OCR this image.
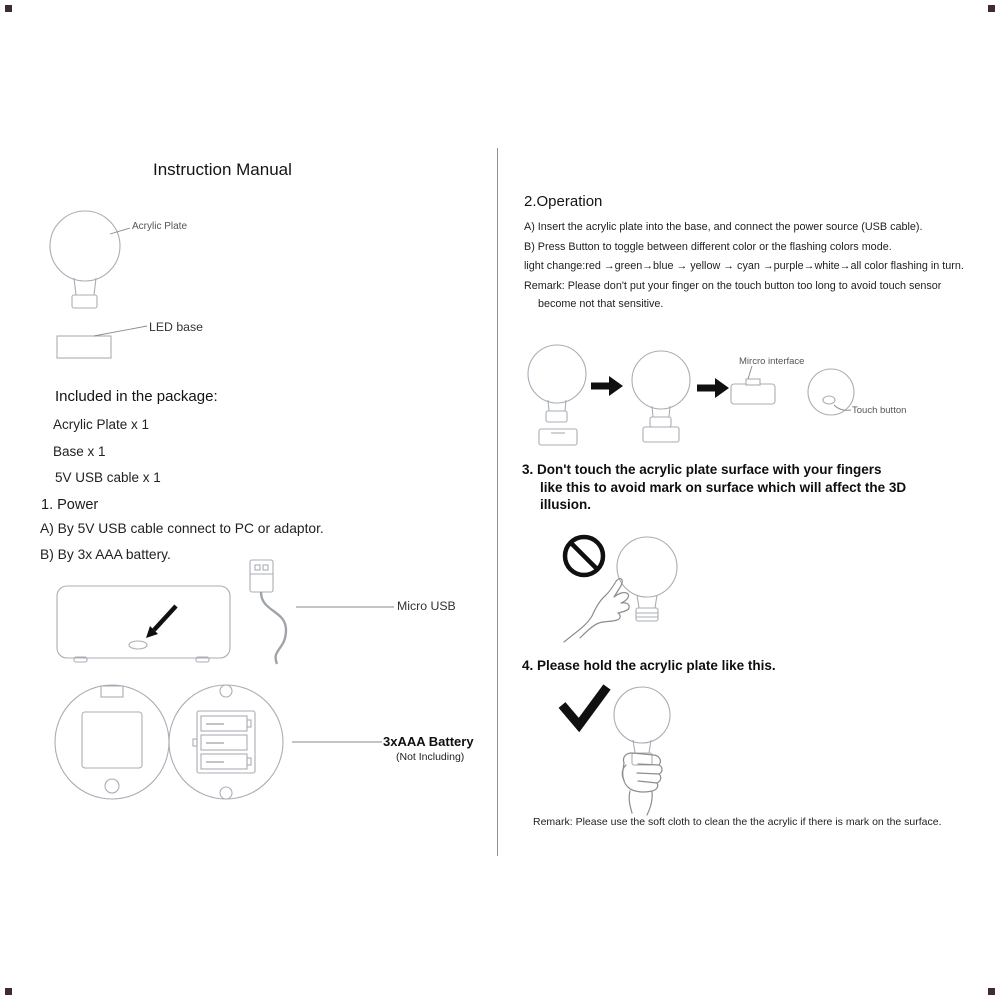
Instruction Manual
Acrylic Plate
LED base
Included in the package:
Acrylic Plate x 1
Base x 1
5V USB cable x 1
1. Power
A) By 5V USB cable connect to PC or adaptor.
B) By 3x AAA battery.
Micro USB
3xAAA Battery
(Not Including)
2.Operation
A) Insert the acrylic plate into the base, and connect the power source (USB cable).
B) Press Button to toggle between different color or the flashing colors mode.
light change:red →green→blue → yellow → cyan →purple→white→all color flashing in turn.
Remark: Please don't put your finger on the touch button too long to avoid touch sensor
become not that sensitive.
Mircro interface
Touch button
3. Don't touch the acrylic plate surface with your fingers
like this to avoid mark on surface which will affect the 3D
illusion.
4. Please hold the acrylic plate like this.
Remark: Please use the soft cloth to clean the the acrylic if there is mark on the surface.
